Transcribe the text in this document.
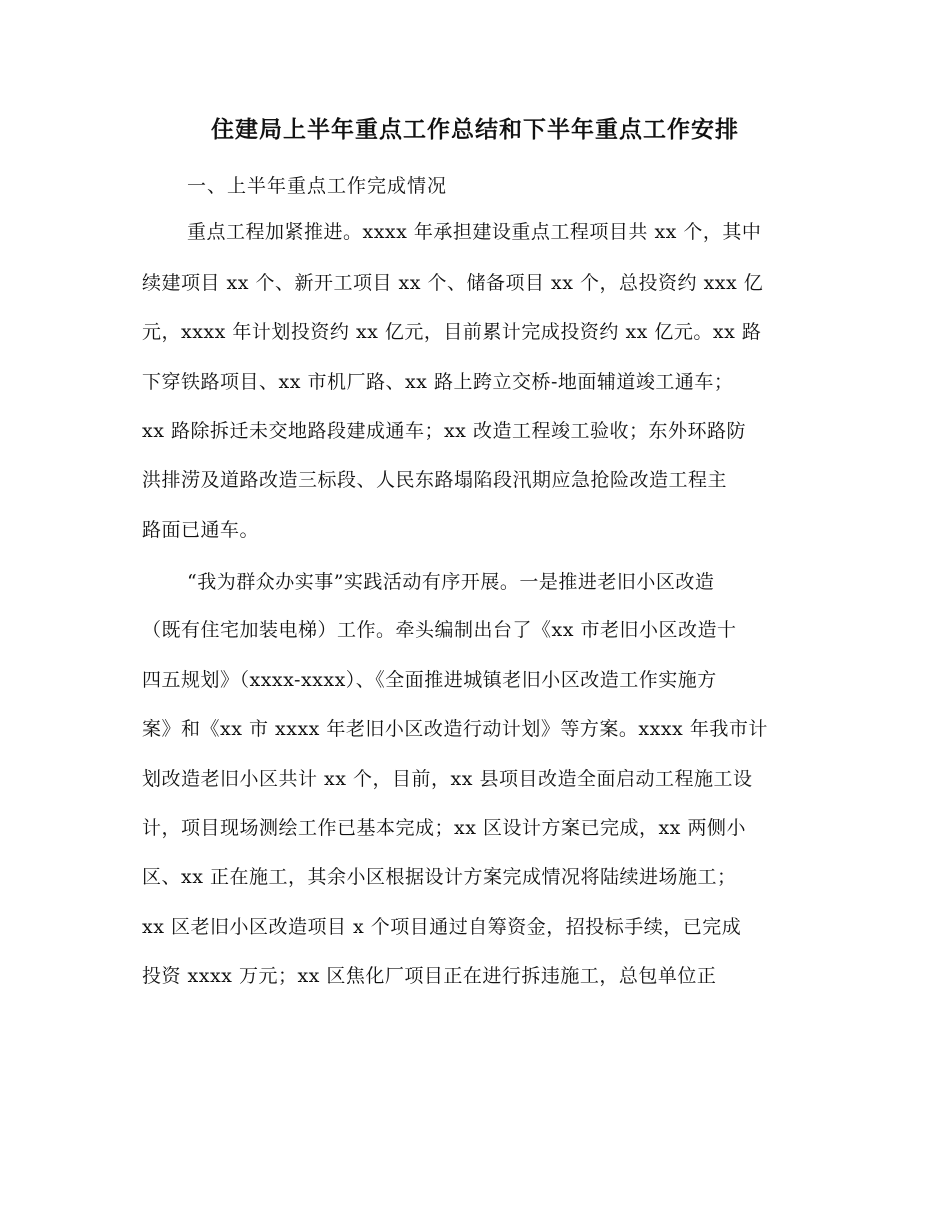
住建局上半年重点工作总结和下半年重点工作安排
一、上半年重点工作完成情况
重点工程加紧推进。xxxx 年承担建设重点工程项目共 xx 个，其中
续建项目 xx 个、新开工项目 xx 个、储备项目 xx 个，总投资约 xxx 亿
元，xxxx 年计划投资约 xx 亿元，目前累计完成投资约 xx 亿元。xx 路
下穿铁路项目、xx 市机厂路、xx 路上跨立交桥-地面辅道竣工通车；
xx 路除拆迁未交地路段建成通车；xx 改造工程竣工验收；东外环路防
洪排涝及道路改造三标段、人民东路塌陷段汛期应急抢险改造工程主
路面已通车。
“我为群众办实事”实践活动有序开展。一是推进老旧小区改造
（既有住宅加装电梯）工作。牵头编制出台了《xx 市老旧小区改造十
四五规划》（xxxx-xxxx）、《全面推进城镇老旧小区改造工作实施方
案》和《xx 市 xxxx 年老旧小区改造行动计划》等方案。xxxx 年我市计
划改造老旧小区共计 xx 个，目前，xx 县项目改造全面启动工程施工设
计，项目现场测绘工作已基本完成；xx 区设计方案已完成，xx 两侧小
区、xx 正在施工，其余小区根据设计方案完成情况将陆续进场施工；
xx 区老旧小区改造项目 x 个项目通过自筹资金，招投标手续，已完成
投资 xxxx 万元；xx 区焦化厂项目正在进行拆违施工，总包单位正
